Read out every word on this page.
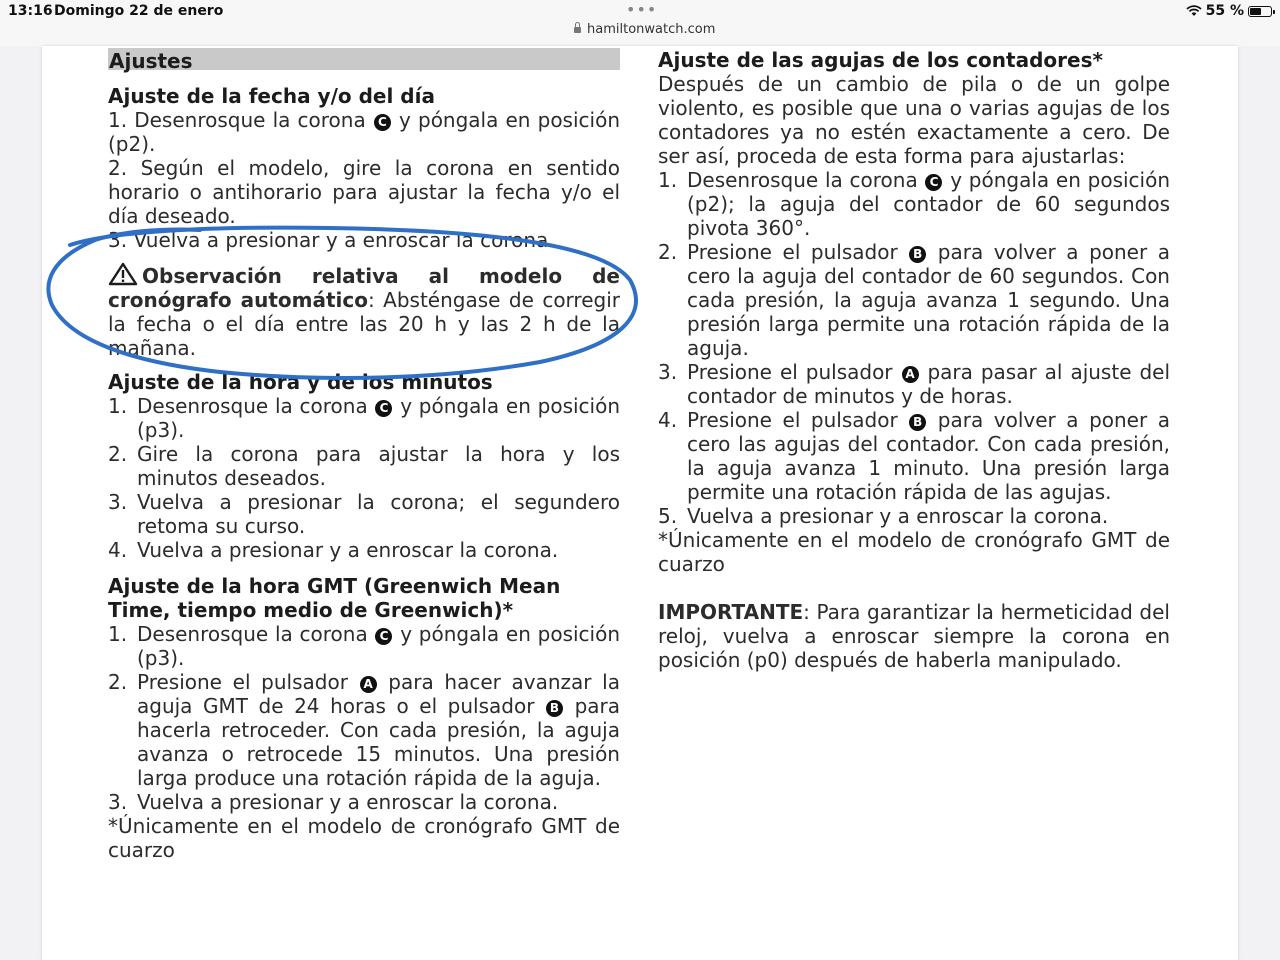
13:16 Domingo 22 de enero	•••
hamiltonwatch.com
55 %
Ajustes
Ajuste de la fecha y/o del día

1. Desenrosque la corona C y póngala en posición (p2).

2. Según el modelo, gire la corona en sentido horario o antihorario para ajustar la fecha y/o el día deseado.

3. Vuelva a presionar y a enroscar la corona.

Observación relativa al modelo de cronógrafo automático: Absténgase de corregir la fecha o el día entre las 20 h y las 2 h de la mañana.

Ajuste de la hora y de los minutos
1. Desenrosque la corona C y póngala en posición (p3).
2. Gire la corona para ajustar la hora y los minutos deseados.
3. Vuelva a presionar la corona; el segundero retoma su curso.
4. Vuelva a presionar y a enroscar la corona.
Ajuste de la hora GMT (Greenwich Mean Time, tiempo medio de Greenwich)*
1. Desenrosque la corona C y póngala en posición (p3).
2. Presione el pulsador A para hacer avanzar la aguja GMT de 24 horas o el pulsador B para hacerla retroceder. Con cada presión, la aguja avanza o retrocede 15 minutos. Una presión larga produce una rotación rápida de la aguja.
3. Vuelva a presionar y a enroscar la corona.

*Únicamente en el modelo de cronógrafo GMT de cuarzo

Ajuste de las agujas de los contadores*

Después de un cambio de pila o de un golpe violento, es posible que una o varias agujas de los contadores ya no estén exactamente a cero. De ser así, proceda de esta forma para ajustarlas:

1. Desenrosque la corona C y póngala en posición (p2); la aguja del contador de 60 segundos pivota 360°.
2. Presione el pulsador B para volver a poner a cero la aguja del contador de 60 segundos. Con cada presión, la aguja avanza 1 segundo. Una presión larga permite una rotación rápida de la aguja.
3. Presione el pulsador A para pasar al ajuste del contador de minutos y de horas.
4. Presione el pulsador B para volver a poner a cero las agujas del contador. Con cada presión, la aguja avanza 1 minuto. Una presión larga permite una rotación rápida de las agujas.
5. Vuelva a presionar y a enroscar la corona.

*Únicamente en el modelo de cronógrafo GMT de cuarzo

IMPORTANTE: Para garantizar la hermeticidad del reloj, vuelva a enroscar siempre la corona en posición (p0) después de haberla manipulado.
